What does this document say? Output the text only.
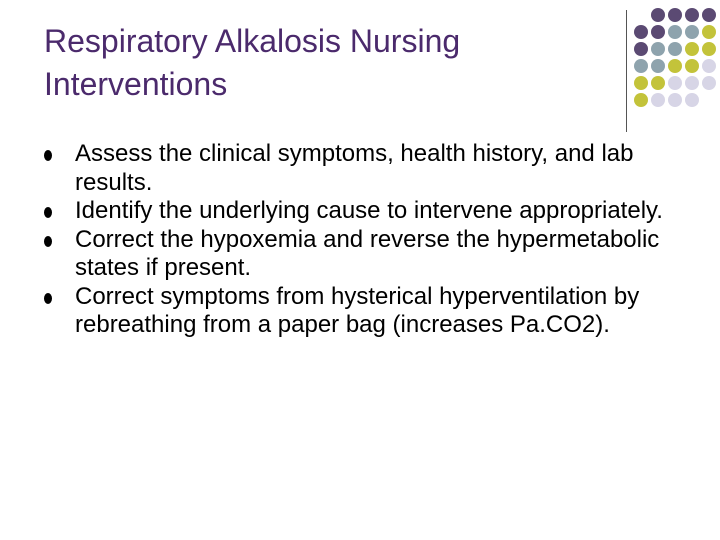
Respiratory Alkalosis Nursing Interventions
Assess the clinical symptoms, health history, and lab results.
Identify the underlying cause to intervene appropriately.
Correct the hypoxemia and reverse the hypermetabolic states if present.
Correct symptoms from hysterical hyperventilation by rebreathing from a paper bag (increases Pa.CO2).
